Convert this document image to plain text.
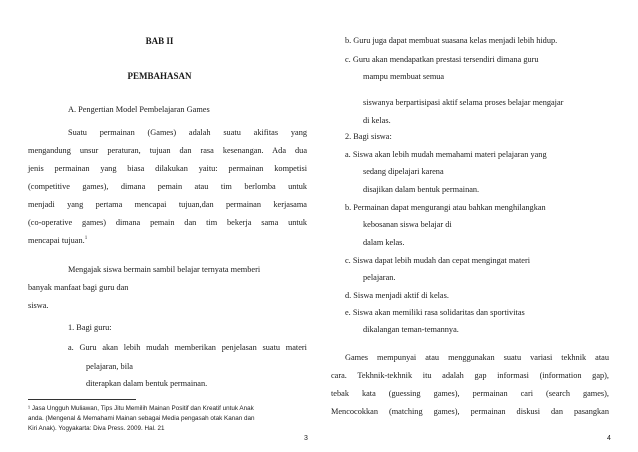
BAB II
PEMBAHASAN
A. Pengertian Model Pembelajaran Games
Suatu permainan (Games) adalah suatu akifitas yang
mengandung unsur peraturan, tujuan dan rasa kesenangan. Ada dua
jenis permainan yang biasa dilakukan yaitu: permainan kompetisi
(competitive games), dimana pemain atau tim berlomba untuk
menjadi yang pertama mencapai tujuan,dan permainan kerjasama
(co-operative games) dimana pemain dan tim bekerja sama untuk
mencapai tujuan.$^1$
Mengajak siswa bermain sambil belajar ternyata memberi
banyak manfaat bagi guru dan
siswa.
1. Bagi guru:
a. Guru akan lebih mudah memberikan penjelasan suatu materi
pelajaran, bila
diterapkan dalam bentuk permainan.
¹ Jasa Ungguh Muliawan, Tips Jitu Memilih Mainan Positif dan Kreatif untuk Anak
anda. (Mengenal & Memahami Mainan sebagai Media pengasah otak Kanan dan
Kiri Anak). Yogyakarta: Diva Press. 2009. Hal. 21
3
b. Guru juga dapat membuat suasana kelas menjadi lebih hidup.
c. Guru akan mendapatkan prestasi tersendiri dimana guru
mampu membuat semua
siswanya berpartisipasi aktif selama proses belajar mengajar
di kelas.
2. Bagi siswa:
a. Siswa akan lebih mudah memahami materi pelajaran yang
sedang dipelajari karena
disajikan dalam bentuk permainan.
b. Permainan dapat mengurangi atau bahkan menghilangkan
kebosanan siswa belajar di
dalam kelas.
c. Siswa dapat lebih mudah dan cepat mengingat materi
pelajaran.
d. Siswa menjadi aktif di kelas.
e. Siswa akan memiliki rasa solidaritas dan sportivitas
dikalangan teman-temannya.
Games mempunyai atau menggunakan suatu variasi tekhnik atau
cara. Tekhnik-tekhnik itu adalah gap informasi (information gap),
tebak kata (guessing games), permainan cari (search games),
Mencocokkan (matching games), permainan diskusi dan pasangkan
4
